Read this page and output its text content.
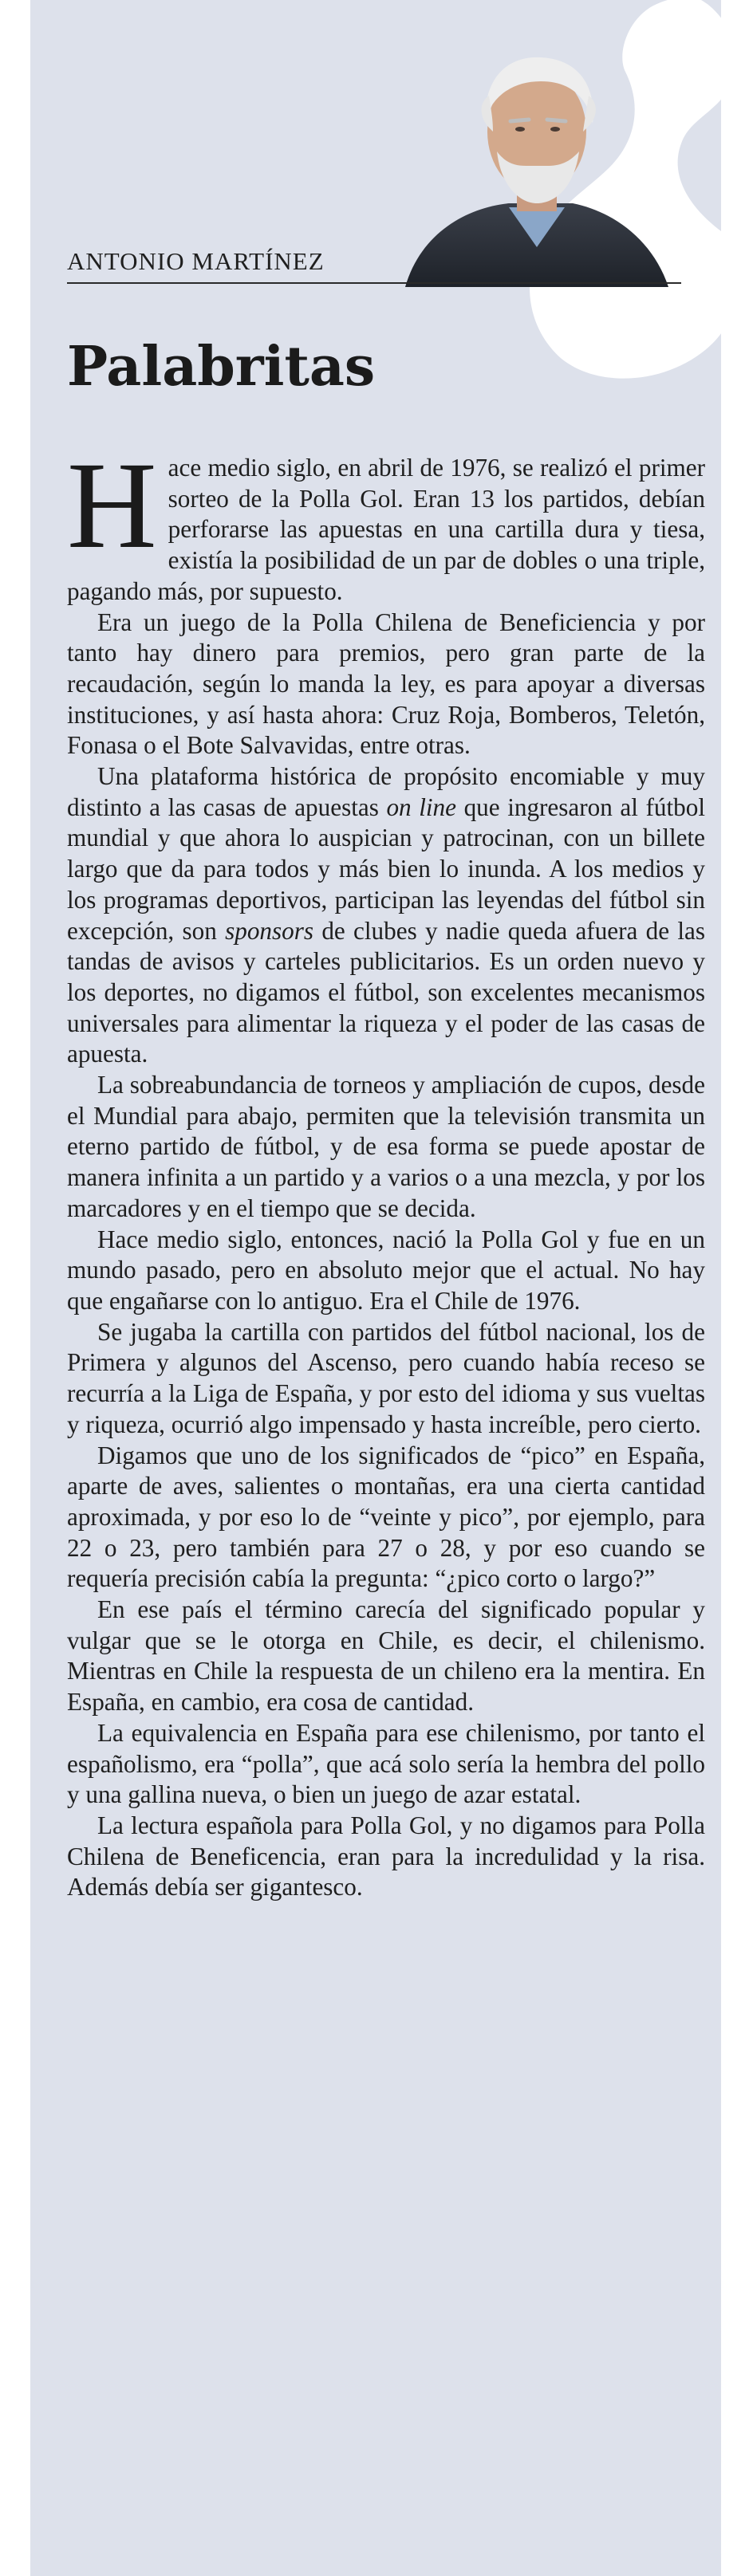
ANTONIO MARTÍNEZ
Palabritas

Hace medio siglo, en abril de 1976, se realizó el primer sorteo de la Polla Gol. Eran 13 los partidos, debían perforarse las apuestas en una cartilla dura y tiesa, existía la posibilidad de un par de dobles o una triple, pagando más, por supuesto.

Era un juego de la Polla Chilena de Beneficiencia y por tanto hay dinero para premios, pero gran parte de la recaudación, según lo manda la ley, es para apoyar a diversas instituciones, y así hasta ahora: Cruz Roja, Bomberos, Teletón, Fonasa o el Bote Salvavidas, entre otras.

Una plataforma histórica de propósito encomiable y muy distinto a las casas de apuestas on line que ingresaron al fútbol mundial y que ahora lo auspician y patrocinan, con un billete largo que da para todos y más bien lo inunda. A los medios y los programas deportivos, participan las leyendas del fútbol sin excepción, son sponsors de clubes y nadie queda afuera de las tandas de avisos y carteles publicitarios. Es un orden nuevo y los deportes, no digamos el fútbol, son excelentes mecanismos universales para alimentar la riqueza y el poder de las casas de apuesta.

La sobreabundancia de torneos y ampliación de cupos, desde el Mundial para abajo, permiten que la televisión transmita un eterno partido de fútbol, y de esa forma se puede apostar de manera infinita a un partido y a varios o a una mezcla, y por los marcadores y en el tiempo que se decida.

Hace medio siglo, entonces, nació la Polla Gol y fue en un mundo pasado, pero en absoluto mejor que el actual. No hay que engañarse con lo antiguo. Era el Chile de 1976.

Se jugaba la cartilla con partidos del fútbol nacional, los de Primera y algunos del Ascenso, pero cuando había receso se recurría a la Liga de España, y por esto del idioma y sus vueltas y riqueza, ocurrió algo impensado y hasta increíble, pero cierto.

Digamos que uno de los significados de “pico” en España, aparte de aves, salientes o montañas, era una cierta cantidad aproximada, y por eso lo de “veinte y pico”, por ejemplo, para 22 o 23, pero también para 27 o 28, y por eso cuando se requería precisión cabía la pregunta: “¿pico corto o largo?”

En ese país el término carecía del significado popular y vulgar que se le otorga en Chile, es decir, el chilenismo. Mientras en Chile la respuesta de un chileno era la mentira. En España, en cambio, era cosa de cantidad.

La equivalencia en España para ese chilenismo, por tanto el españolismo, era “polla”, que acá solo sería la hembra del pollo y una gallina nueva, o bien un juego de azar estatal.

La lectura española para Polla Gol, y no digamos para Polla Chilena de Beneficencia, eran para la incredulidad y la risa. Además debía ser gigantesco.
